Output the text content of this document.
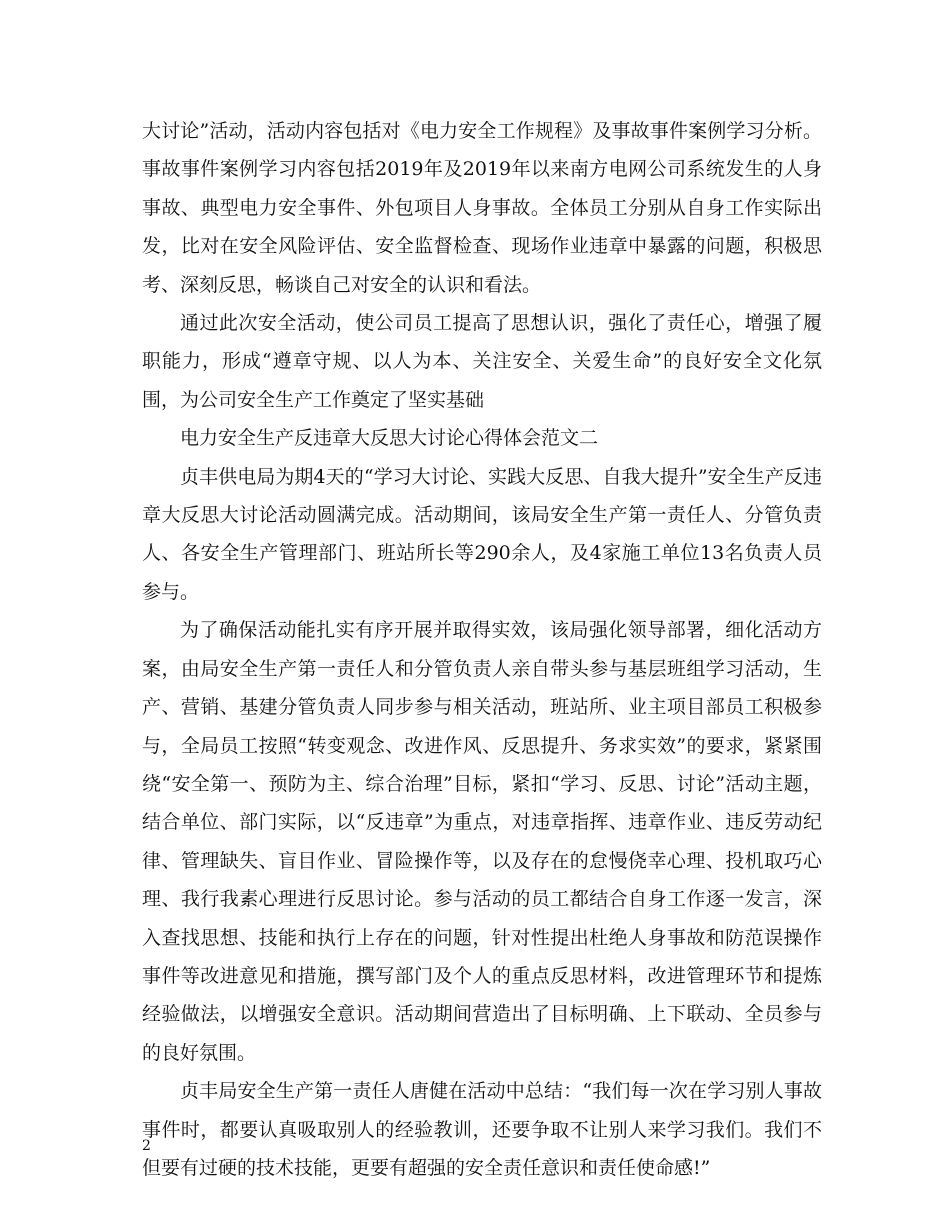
大讨论”活动，活动内容包括对《电力安全工作规程》及事故事件案例学习分析。事故事件案例学习内容包括2019年及2019年以来南方电网公司系统发生的人身事故、典型电力安全事件、外包项目人身事故。全体员工分别从自身工作实际出发，比对在安全风险评估、安全监督检查、现场作业违章中暴露的问题，积极思考、深刻反思，畅谈自己对安全的认识和看法。

通过此次安全活动，使公司员工提高了思想认识，强化了责任心，增强了履职能力，形成“遵章守规、以人为本、关注安全、关爱生命”的良好安全文化氛围，为公司安全生产工作奠定了坚实基础

电力安全生产反违章大反思大讨论心得体会范文二

贞丰供电局为期4天的“学习大讨论、实践大反思、自我大提升”安全生产反违章大反思大讨论活动圆满完成。活动期间，该局安全生产第一责任人、分管负责人、各安全生产管理部门、班站所长等290余人，及4家施工单位13名负责人员参与。

为了确保活动能扎实有序开展并取得实效，该局强化领导部署，细化活动方案，由局安全生产第一责任人和分管负责人亲自带头参与基层班组学习活动，生产、营销、基建分管负责人同步参与相关活动，班站所、业主项目部员工积极参与，全局员工按照“转变观念、改进作风、反思提升、务求实效”的要求，紧紧围绕“安全第一、预防为主、综合治理”目标，紧扣“学习、反思、讨论”活动主题，结合单位、部门实际，以“反违章”为重点，对违章指挥、违章作业、违反劳动纪律、管理缺失、盲目作业、冒险操作等，以及存在的怠慢侥幸心理、投机取巧心理、我行我素心理进行反思讨论。参与活动的员工都结合自身工作逐一发言，深入查找思想、技能和执行上存在的问题，针对性提出杜绝人身事故和防范误操作事件等改进意见和措施，撰写部门及个人的重点反思材料，改进管理环节和提炼经验做法，以增强安全意识。活动期间营造出了目标明确、上下联动、全员参与的良好氛围。

贞丰局安全生产第一责任人唐健在活动中总结：“我们每一次在学习别人事故事件时，都要认真吸取别人的经验教训，还要争取不让别人来学习我们。我们不但要有过硬的技术技能，更要有超强的安全责任意识和责任使命感!”

2
